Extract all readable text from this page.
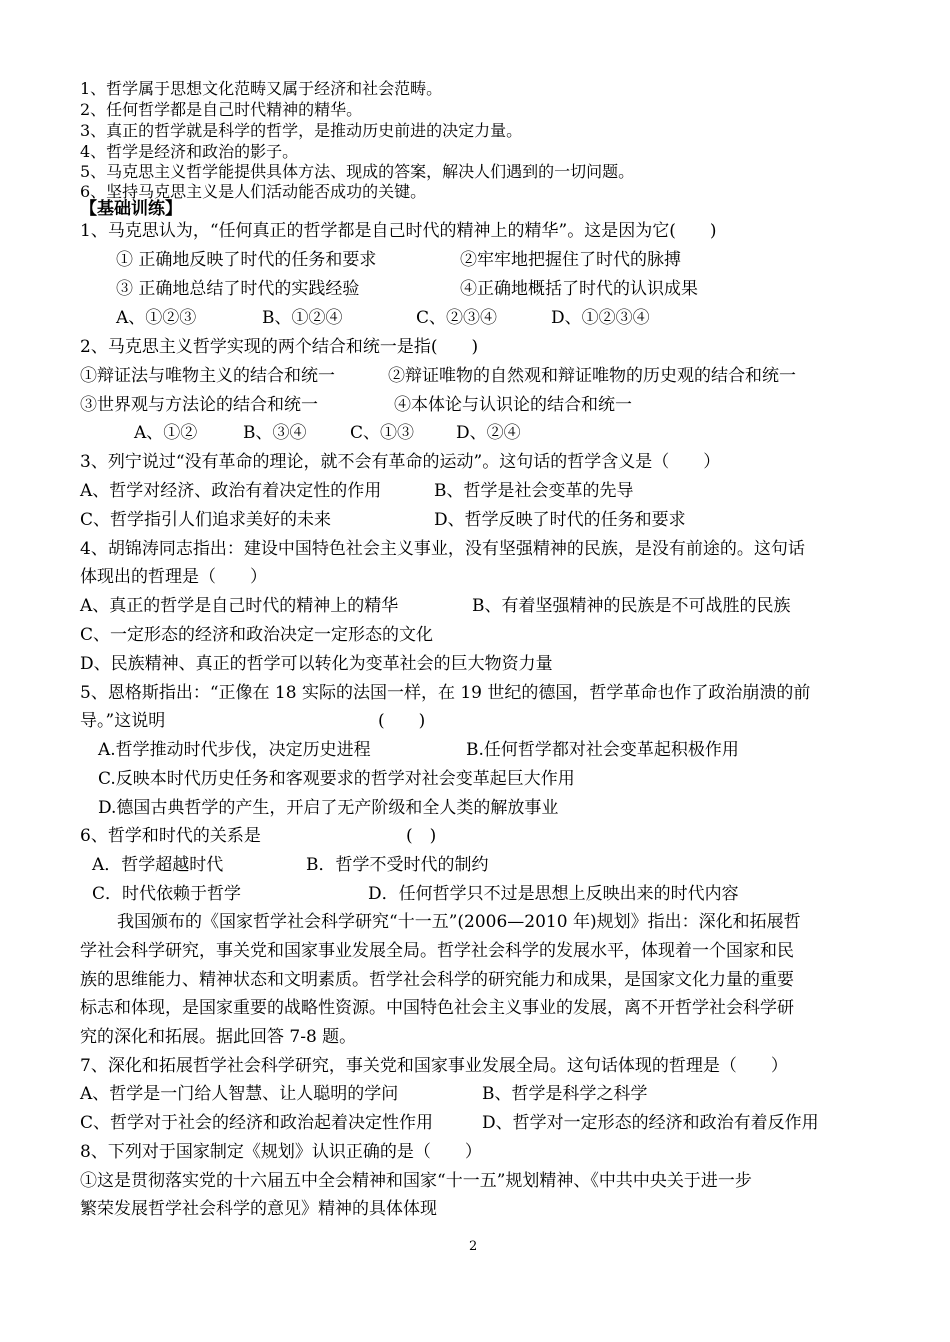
1、哲学属于思想文化范畴又属于经济和社会范畴。
2、任何哲学都是自己时代精神的精华。
3、真正的哲学就是科学的哲学，是推动历史前进的决定力量。
4、哲学是经济和政治的影子。
5、马克思主义哲学能提供具体方法、现成的答案，解决人们遇到的一切问题。
6、坚持马克思主义是人们活动能否成功的关键。
【基础训练】
1、马克思认为，“任何真正的哲学都是自己时代的精神上的精华”。这是因为它(　　)
① 正确地反映了时代的任务和要求	②牢牢地把握住了时代的脉搏
③ 正确地总结了时代的实践经验	④正确地概括了时代的认识成果
A、①②③	B、①②④	C、②③④	D、①②③④
2、马克思主义哲学实现的两个结合和统一是指(　　)
①辩证法与唯物主义的结合和统一	②辩证唯物的自然观和辩证唯物的历史观的结合和统一
③世界观与方法论的结合和统一	④本体论与认识论的结合和统一
A、①②	B、③④	C、①③ D、②④
3、列宁说过“没有革命的理论，就不会有革命的运动”。这句话的哲学含义是（　　）
A、哲学对经济、政治有着决定性的作用	B、哲学是社会变革的先导
C、哲学指引人们追求美好的未来	D、哲学反映了时代的任务和要求
4、胡锦涛同志指出：建设中国特色社会主义事业，没有坚强精神的民族，是没有前途的。这句话
体现出的哲理是（　　）
A、真正的哲学是自己时代的精神上的精华	B、有着坚强精神的民族是不可战胜的民族
C、一定形态的经济和政治决定一定形态的文化
D、民族精神、真正的哲学可以转化为变革社会的巨大物资力量
5、恩格斯指出：“正像在 18 实际的法国一样，在 19 世纪的德国，哲学革命也作了政治崩溃的前
导。”这说明	(　　)
A.哲学推动时代步伐，决定历史进程	B.任何哲学都对社会变革起积极作用
C.反映本时代历史任务和客观要求的哲学对社会变革起巨大作用
D.德国古典哲学的产生，开启了无产阶级和全人类的解放事业
6、哲学和时代的关系是	(　)
A．哲学超越时代	B．哲学不受时代的制约
C．时代依赖于哲学	D．任何哲学只不过是思想上反映出来的时代内容
我国颁布的《国家哲学社会科学研究“十一五”(2006—2010 年)规划》指出：深化和拓展哲
学社会科学研究，事关党和国家事业发展全局。哲学社会科学的发展水平，体现着一个国家和民
族的思维能力、精神状态和文明素质。哲学社会科学的研究能力和成果，是国家文化力量的重要
标志和体现，是国家重要的战略性资源。中国特色社会主义事业的发展，离不开哲学社会科学研
究的深化和拓展。据此回答 7-8 题。
7、深化和拓展哲学社会科学研究，事关党和国家事业发展全局。这句话体现的哲理是（　　）
A、哲学是一门给人智慧、让人聪明的学问	B、哲学是科学之科学
C、哲学对于社会的经济和政治起着决定性作用	D、哲学对一定形态的经济和政治有着反作用
8、下列对于国家制定《规划》认识正确的是（　　）
①这是贯彻落实党的十六届五中全会精神和国家“十一五”规划精神、《中共中央关于进一步
繁荣发展哲学社会科学的意见》精神的具体体现
2
